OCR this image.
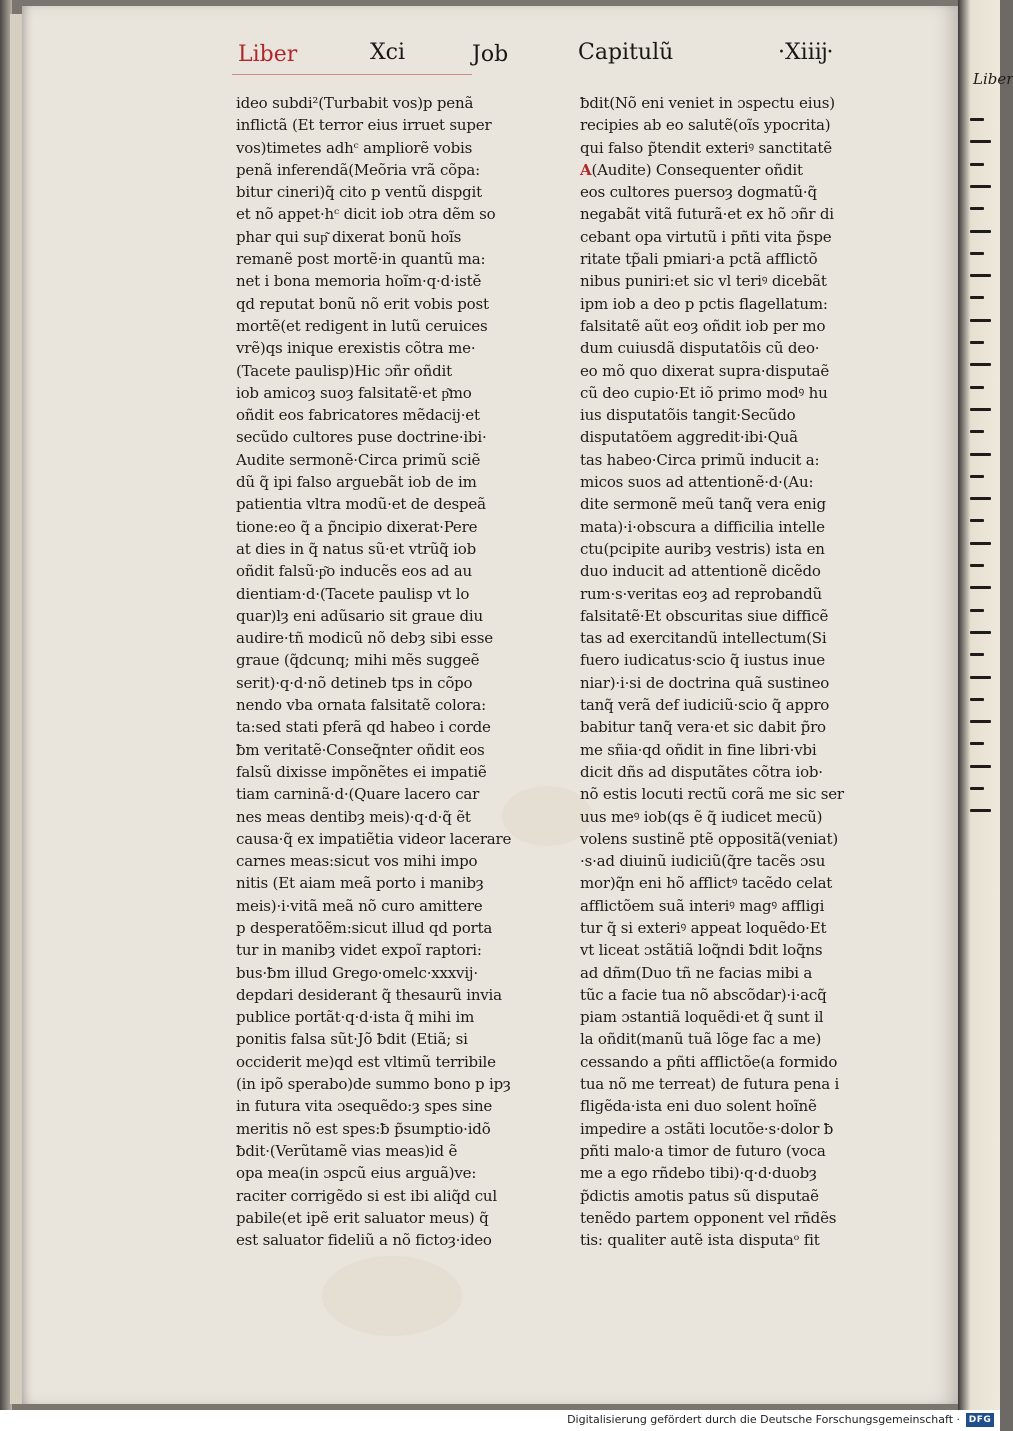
Liber	Xci	Job	Capitulũ	·Xiiĳ·
ideo subdi²(Turbabit vos)p penã
inflictã (Et terror eius irruet super
vos)timetes adhᶜ ampliorẽ vobis
penã inferendã(Meõria vrã cõpa:
bitur cineri)q̃ cito p ventũ dispgit
et nõ appet·hᶜ dicit iob ɔtra dẽm so
phar qui sup͂ dixerat bonũ hoĩs
remanẽ post mortẽ·in quantũ ma:
net i bona memoria hoĩm·q·d·istĕ
qd reputat bonũ nõ erit vobis post
mortẽ(et redigent in lutũ ceruices
vrẽ)qs inique erexistis cõtra me·
(Tacete paulisp)Hic ɔñr oñdit
iob amicoȝ suoȝ falsitatẽ·et p͂mo
oñdit eos fabricatores mẽdacij·et
secũdo cultores puse doctrine·ibi·
Audite sermonẽ·Circa primũ sciẽ
dũ q̃ ipi falso arguebãt iob de im
patientia vltra modũ·et de despeã
tione:eo q̃ a p̃ncipio dixerat·Pere
at dies in q̃ natus sũ·et vtrũq̃ iob
oñdit falsũ·p͂o inducẽs eos ad au
dientiam·d·(Tacete paulisp vt lo
quar)lȝ eni adũsario sit graue diu
audire·tñ modicũ nõ debȝ sibi esse
graue (q̃dcunq; mihi mẽs suggeẽ
serit)·q·d·nõ detineb tps in cõpo
nendo vba ornata falsitatẽ colora:
ta:sed stati pferã qd habeo i corde
ƀm veritatẽ·Conseq̃nter oñdit eos
falsũ dixisse impõnẽtes ei impatiẽ
tiam carninã·d·(Quare lacero car
nes meas dentibȝ meis)·q·d·q̃ ẽt
causa·q̃ ex impatiẽtia videor lacerare
carnes meas:sicut vos mihi impo
nitis (Et aiam meã porto i manibȝ
meis)·i·vitã meã nõ curo amittere
p desperatõẽm:sicut illud qd porta
tur in manibȝ videt expoĩ raptori:
bus·ƀm illud Grego·omelc·xxxvij·
depdari desiderant q̃ thesaurũ invia
publice portãt·q·d·ista q̃ mihi im
ponitis falsa sũt·Jõ ƀdit (Etiã; si
occiderit me)qd est vltimũ terribile
(in ipõ sperabo)de summo bono p ipȝ
in futura vita ɔsequẽdo:ȝ spes sine
meritis nõ est spes:ƀ p̃sumptio·idõ
ƀdit·(Verũtamẽ vias meas)id ẽ
opa mea(in ɔspcũ eius arguã)ve:
raciter corrigẽdo si est ibi aliq̃d cul
pabile(et ipẽ erit saluator meus) q̃
est saluator fideliũ a nõ fictoȝ·ideo
ƀdit(Nõ eni veniet in ɔspectu eius)
recipies ab eo salutẽ(oĩs ypocrita)
qui falso p̃tendit exteriꝰ sanctitatẽ
A(Audite) Consequenter oñdit
eos cultores puersoȝ dogmatũ·q̃
negabãt vitã futurã·et ex hõ ɔñr di
cebant opa virtutũ i pñti vita p̃spe
ritate tp̃ali pmiari·a pctã afflictõ
nibus puniri:et sic vl teriꝰ dicebãt
ipm iob a deo p pctis flagellatum:
falsitatẽ aũt eoȝ oñdit iob per mo
dum cuiusdã disputatõis cũ deo·
eo mõ quo dixerat supra·disputaẽ
cũ deo cupio·Et iõ primo modꝰ hu
ius disputatõis tangit·Secũdo
disputatõem aggredit·ibi·Quã
tas habeo·Circa primũ inducit a:
micos suos ad attentionẽ·d·(Au:
dite sermonẽ meũ tanq̃ vera enig
mata)·i·obscura a difficilia intelle
ctu(pcipite auribȝ vestris) ista en
duo inducit ad attentionẽ dicẽdo
rum·s·veritas eoȝ ad reprobandũ
falsitatẽ·Et obscuritas siue difficẽ
tas ad exercitandũ intellectum(Si
fuero iudicatus·scio q̃ iustus inue
niar)·i·si de doctrina quã sustineo
tanq̃ verã def iudiciũ·scio q̃ appro
babitur tanq̃ vera·et sic dabit p̃ro
me sñia·qd oñdit in fine libri·vbi
dicit dñs ad disputãtes cõtra iob·
nõ estis locuti rectũ corã me sic ser
uus meꝰ iob(qs ẽ q̃ iudicet mecũ)
volens sustinẽ ptẽ oppositã(veniat)
·s·ad diuinũ iudiciũ(q̃re tacẽs ɔsu
mor)q̃n eni hõ afflictꝰ tacẽdo celat
afflictõem suã interiꝰ magꝰ affligi
tur q̃ si exteriꝰ appeat loquẽdo·Et
vt liceat ɔstãtiã loq̃ndi ƀdit loq̃ns
ad dñm(Duo tñ ne facias mibi a
tũc a facie tua nõ abscõdar)·i·acq̃
piam ɔstantiã loquẽdi·et q̃ sunt il
la oñdit(manũ tuã lõge fac a me)
cessando a pñti afflictõe(a formido
tua nõ me terreat) de futura pena i
fligẽda·ista eni duo solent hoĩnẽ
impedire a ɔstãti locutõe·s·dolor ƀ
pñti malo·a timor de futuro (voca
me a ego rñdebo tibi)·q·d·duobȝ
p̃dictis amotis patus sũ disputaẽ
tenẽdo partem opponent vel rñdẽs
tis: qualiter autẽ ista disputaᵒ fit
Liber
Digitalisierung gefördert durch die Deutsche Forschungsgemeinschaft · DFG
